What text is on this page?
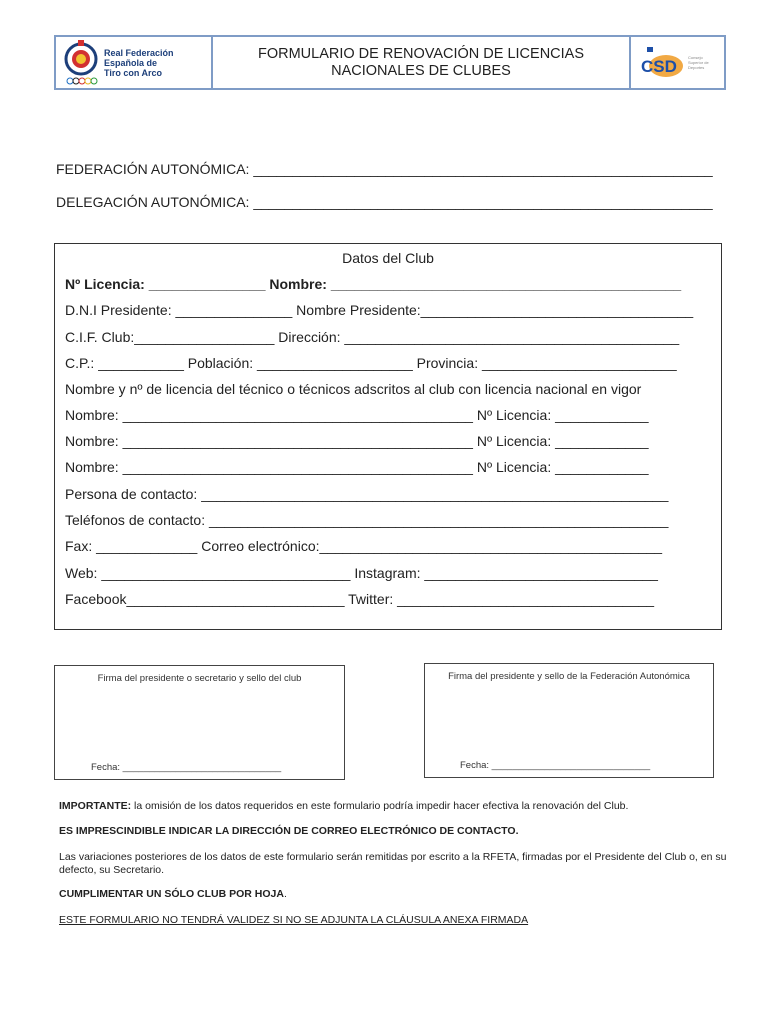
Real Federación
Española de
Tiro con Arco
FORMULARIO DE RENOVACIÓN DE LICENCIAS
NACIONALES DE CLUBES	CSD	Consejo Superior de Deportes
FEDERACIÓN AUTONÓMICA: ___________________________________________________________
DELEGACIÓN AUTONÓMICA: ___________________________________________________________
Datos del Club
Nº Licencia: _______________ Nombre: _____________________________________________
D.N.I Presidente: _______________ Nombre Presidente:___________________________________
C.I.F. Club:__________________ Dirección: ___________________________________________
C.P.: ___________ Población: ____________________ Provincia: _________________________
Nombre y nº de licencia del técnico o técnicos adscritos al club con licencia nacional en vigor
Nombre: _____________________________________________ Nº Licencia: ____________
Nombre: _____________________________________________ Nº Licencia: ____________
Nombre: _____________________________________________ Nº Licencia: ____________
Persona de contacto: ____________________________________________________________
Teléfonos de contacto: ___________________________________________________________
Fax: _____________ Correo electrónico:____________________________________________
Web: ________________________________ Instagram: ______________________________
Facebook____________________________ Twitter: _________________________________
Firma del presidente o secretario y sello del club
Fecha: ______________________________
Firma del presidente y sello de la Federación Autonómica
Fecha: ______________________________
IMPORTANTE: la omisión de los datos requeridos en este formulario podría impedir hacer efectiva la renovación del Club.
ES IMPRESCINDIBLE INDICAR LA DIRECCIÓN DE CORREO ELECTRÓNICO DE CONTACTO.
Las variaciones posteriores de los datos de este formulario serán remitidas por escrito a la RFETA, firmadas por el Presidente del Club o, en su defecto, su Secretario.
CUMPLIMENTAR UN SÓLO CLUB POR HOJA.
ESTE FORMULARIO NO TENDRÁ VALIDEZ SI NO SE ADJUNTA LA CLÁUSULA ANEXA FIRMADA
